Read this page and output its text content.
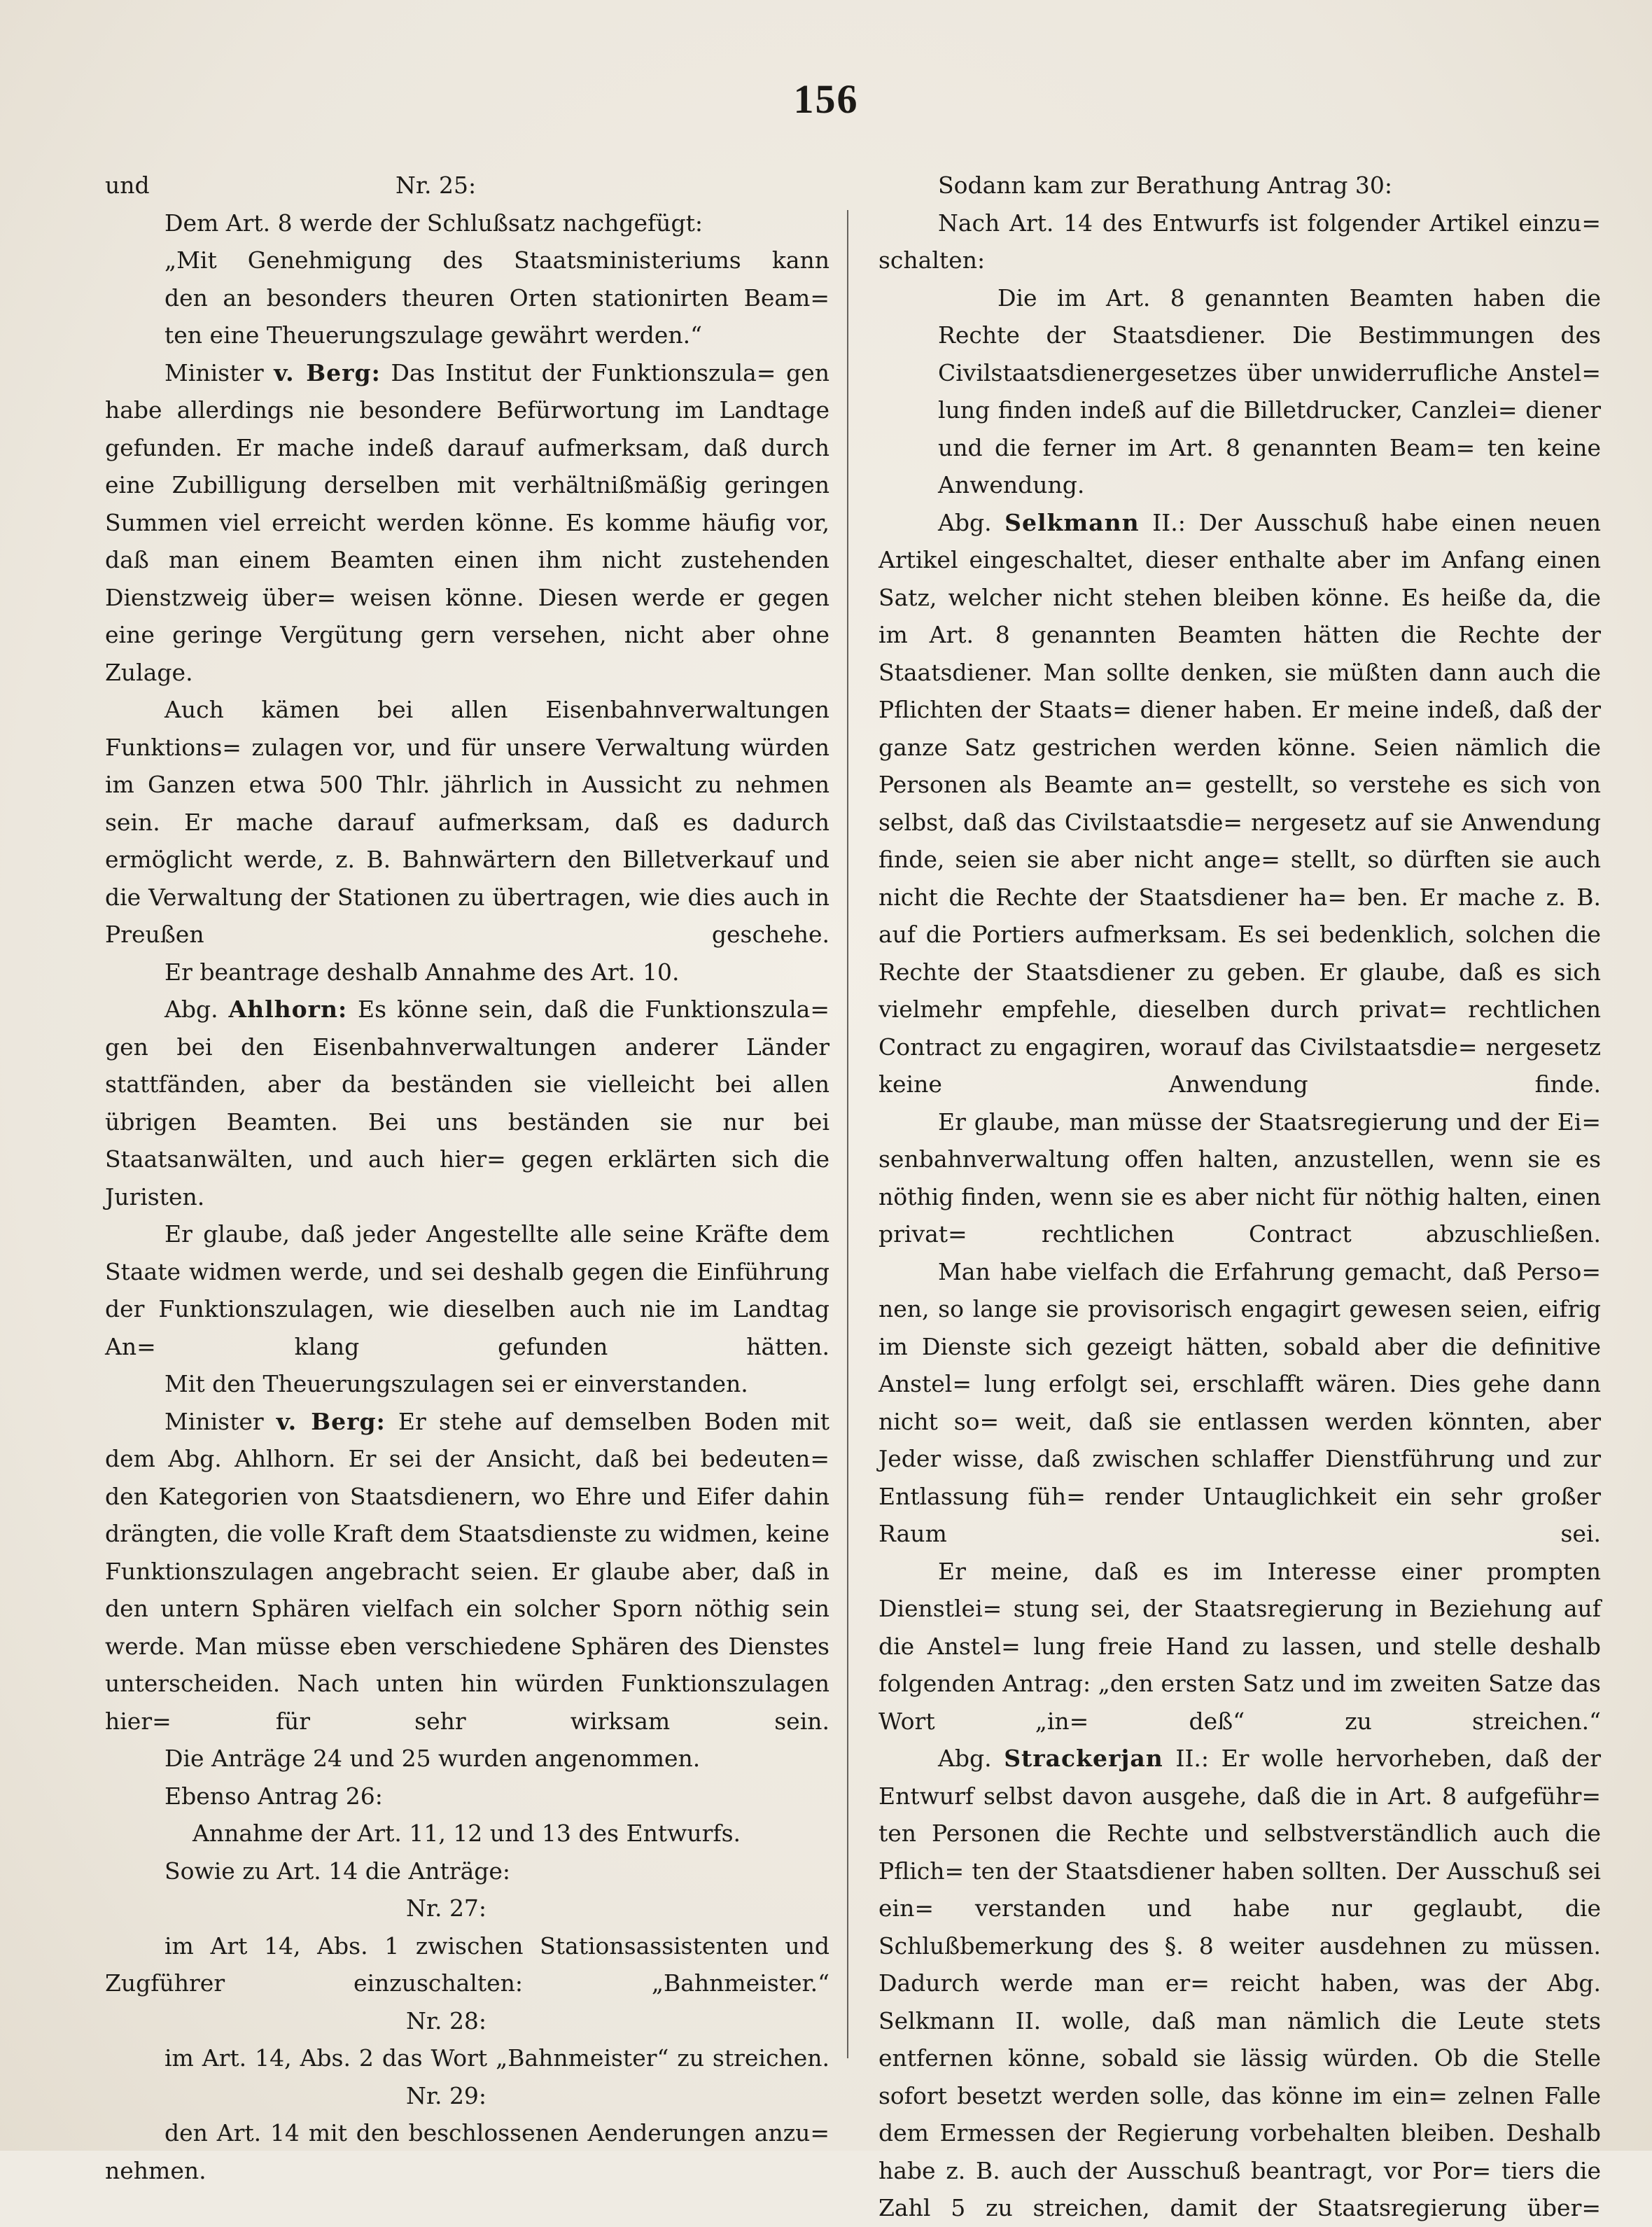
156

und	Nr. 25:

Dem Art. 8 werde der Schlußsatz nachgefügt:

„Mit Genehmigung des Staatsministeriums kann

den an besonders theuren Orten stationirten Beam=

ten eine Theuerungszulage gewährt werden.“

Minister v. Berg: Das Institut der Funktionszula= gen habe allerdings nie besondere Befürwortung im Landtage gefunden. Er mache indeß darauf aufmerksam, daß durch eine Zubilligung derselben mit verhältnißmäßig geringen Summen viel erreicht werden könne. Es komme häufig vor, daß man einem Beamten einen ihm nicht zustehenden Dienstzweig über= weisen könne. Diesen werde er gegen eine geringe Vergütung gern versehen, nicht aber ohne Zulage.

Auch kämen bei allen Eisenbahnverwaltungen Funktions= zulagen vor, und für unsere Verwaltung würden im Ganzen etwa 500 Thlr. jährlich in Aussicht zu nehmen sein. Er mache darauf aufmerksam, daß es dadurch ermöglicht werde, z. B. Bahnwärtern den Billetverkauf und die Verwaltung der Stationen zu übertragen, wie dies auch in Preußen geschehe.

Er beantrage deshalb Annahme des Art. 10.

Abg. Ahlhorn: Es könne sein, daß die Funktionszula= gen bei den Eisenbahnverwaltungen anderer Länder stattfänden, aber da beständen sie vielleicht bei allen übrigen Beamten. Bei uns beständen sie nur bei Staatsanwälten, und auch hier= gegen erklärten sich die Juristen.

Er glaube, daß jeder Angestellte alle seine Kräfte dem Staate widmen werde, und sei deshalb gegen die Einführung der Funktionszulagen, wie dieselben auch nie im Landtag An= klang gefunden hätten.

Mit den Theuerungszulagen sei er einverstanden.

Minister v. Berg: Er stehe auf demselben Boden mit dem Abg. Ahlhorn. Er sei der Ansicht, daß bei bedeuten= den Kategorien von Staatsdienern, wo Ehre und Eifer dahin drängten, die volle Kraft dem Staatsdienste zu widmen, keine Funktionszulagen angebracht seien. Er glaube aber, daß in den untern Sphären vielfach ein solcher Sporn nöthig sein werde. Man müsse eben verschiedene Sphären des Dienstes unterscheiden. Nach unten hin würden Funktionszulagen hier= für sehr wirksam sein.

Die Anträge 24 und 25 wurden angenommen.

Ebenso Antrag 26:

Annahme der Art. 11, 12 und 13 des Entwurfs.

Sowie zu Art. 14 die Anträge:

Nr. 27:

im Art 14, Abs. 1 zwischen Stationsassistenten und Zugführer einzuschalten: „Bahnmeister.“

Nr. 28:

im Art. 14, Abs. 2 das Wort „Bahnmeister“ zu streichen.

Nr. 29:

den Art. 14 mit den beschlossenen Aenderungen anzu= nehmen.

Sodann kam zur Berathung Antrag 30:

Nach Art. 14 des Entwurfs ist folgender Artikel einzu= schalten:

Die im Art. 8 genannten Beamten haben die Rechte der Staatsdiener. Die Bestimmungen des Civilstaatsdienergesetzes über unwiderrufliche Anstel= lung finden indeß auf die Billetdrucker, Canzlei= diener und die ferner im Art. 8 genannten Beam= ten keine Anwendung.

Abg. Selkmann II.: Der Ausschuß habe einen neuen Artikel eingeschaltet, dieser enthalte aber im Anfang einen Satz, welcher nicht stehen bleiben könne. Es heiße da, die im Art. 8 genannten Beamten hätten die Rechte der Staatsdiener. Man sollte denken, sie müßten dann auch die Pflichten der Staats= diener haben. Er meine indeß, daß der ganze Satz gestrichen werden könne. Seien nämlich die Personen als Beamte an= gestellt, so verstehe es sich von selbst, daß das Civilstaatsdie= nergesetz auf sie Anwendung finde, seien sie aber nicht ange= stellt, so dürften sie auch nicht die Rechte der Staatsdiener ha= ben. Er mache z. B. auf die Portiers aufmerksam. Es sei bedenklich, solchen die Rechte der Staatsdiener zu geben. Er glaube, daß es sich vielmehr empfehle, dieselben durch privat= rechtlichen Contract zu engagiren, worauf das Civilstaatsdie= nergesetz keine Anwendung finde.

Er glaube, man müsse der Staatsregierung und der Ei= senbahnverwaltung offen halten, anzustellen, wenn sie es nöthig finden, wenn sie es aber nicht für nöthig halten, einen privat= rechtlichen Contract abzuschließen.

Man habe vielfach die Erfahrung gemacht, daß Perso= nen, so lange sie provisorisch engagirt gewesen seien, eifrig im Dienste sich gezeigt hätten, sobald aber die definitive Anstel= lung erfolgt sei, erschlafft wären. Dies gehe dann nicht so= weit, daß sie entlassen werden könnten, aber Jeder wisse, daß zwischen schlaffer Dienstführung und zur Entlassung füh= render Untauglichkeit ein sehr großer Raum sei.

Er meine, daß es im Interesse einer prompten Dienstlei= stung sei, der Staatsregierung in Beziehung auf die Anstel= lung freie Hand zu lassen, und stelle deshalb folgenden Antrag: „den ersten Satz und im zweiten Satze das Wort „in= deß“ zu streichen.“

Abg. Strackerjan II.: Er wolle hervorheben, daß der Entwurf selbst davon ausgehe, daß die in Art. 8 aufgeführ= ten Personen die Rechte und selbstverständlich auch die Pflich= ten der Staatsdiener haben sollten. Der Ausschuß sei ein= verstanden und habe nur geglaubt, die Schlußbemerkung des §. 8 weiter ausdehnen zu müssen. Dadurch werde man er= reicht haben, was der Abg. Selkmann II. wolle, daß man nämlich die Leute stets entfernen könne, sobald sie lässig würden. Ob die Stelle sofort besetzt werden solle, das könne im ein= zelnen Falle dem Ermessen der Regierung vorbehalten bleiben. Deshalb habe z. B. auch der Ausschuß beantragt, vor Por= tiers die Zahl 5 zu streichen, damit der Staatsregierung über=
